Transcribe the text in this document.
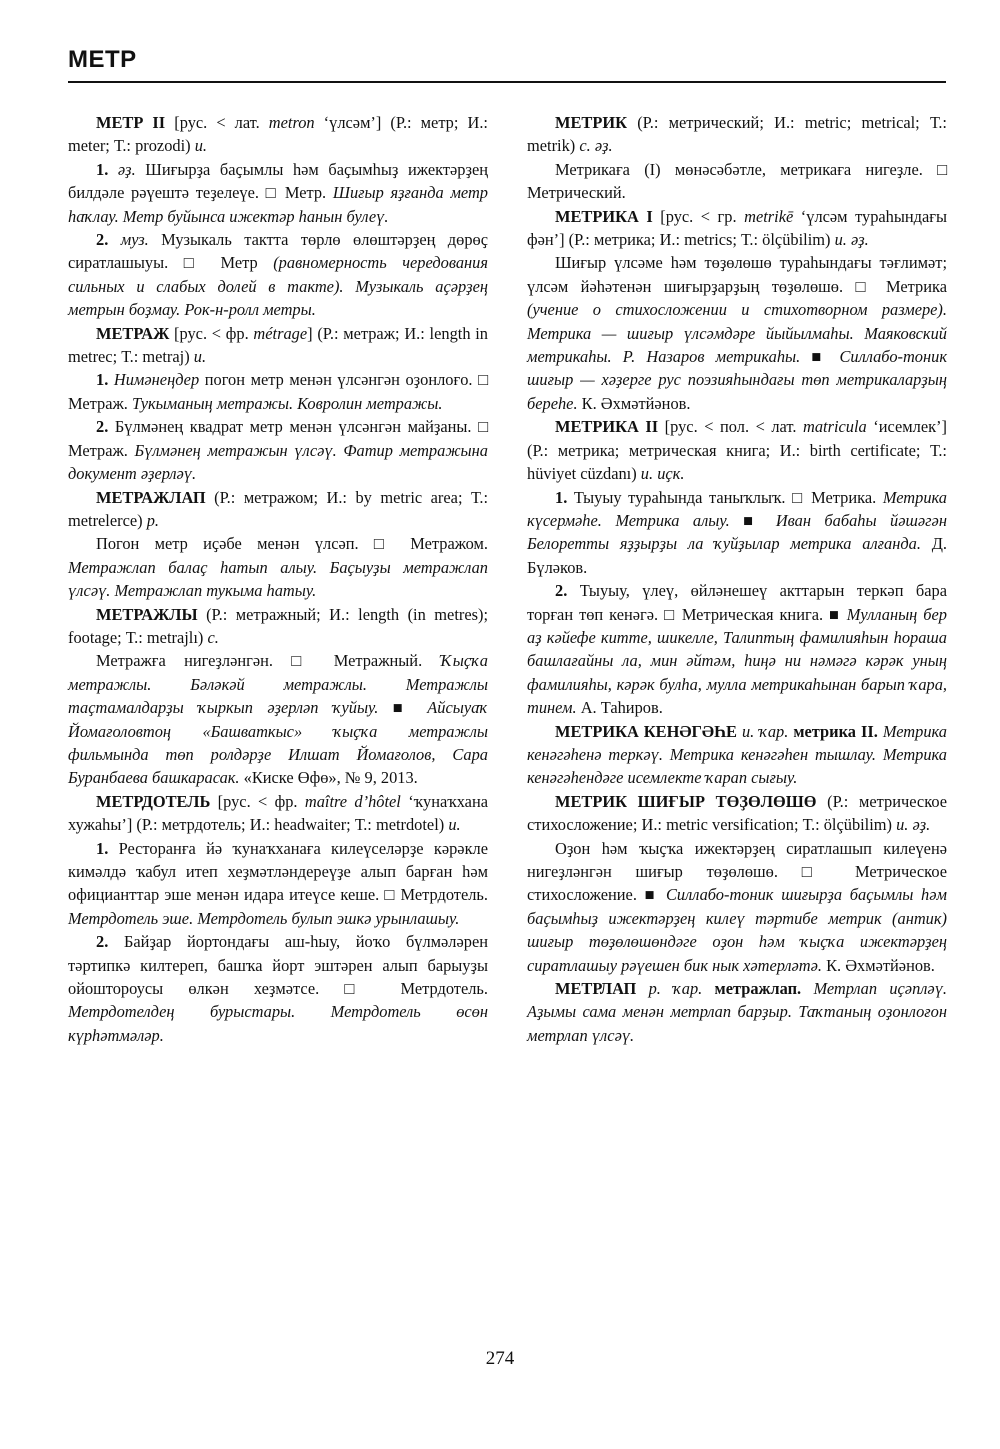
МЕТР

МЕТР II [рус. < лат. metron ‘үлсәм’] (Р.: метр; И.: meter; Т.: prozodi) и.

1. әҙ. Шиғырҙа баҫымлы һәм баҫымһыҙ ижектәрҙең билдәле рәүештә теҙелеүе. □ Метр. Шиғыр яҙғанда метр һаҡлау. Метр буйынса ижектәр һанын булеү.

2. муз. Музыкаль тактта төрлө өлөштәрҙең дөрөҫ сиратлашыуы. □ Метр (равномерность чередования сильных и слабых долей в такте). Музыкаль аҫәрҙең метрын боҙмау. Рок-н-ролл метры.

МЕТРАЖ [рус. < фр. métrage] (Р.: метраж; И.: length in metrec; Т.: metraj) и.

1. Нимәнеңдер погон метр менән үлсәнгән оҙонлоғо. □ Метраж. Тукыманың метражы. Ковролин метражы.

2. Бүлмәнең квадрат метр менән үлсәнгән майҙаны. □ Метраж. Бүлмәнең метражын үлсәү. Фатир метражына документ әҙерләү.

МЕТРАЖЛАП (Р.: метражом; И.: by metric area; Т.: metrelerce) р.

Погон метр иҫәбе менән үлсәп. □ Метражом. Метражлап балаҫ һатып алыу. Баҫыуҙы метражлап үлсәү. Метражлап тукыма һатыу.

МЕТРАЖЛЫ (Р.: метражный; И.: length (in metres); footage; Т.: metrajlı) с.

Метражға нигеҙләнгән. □ Метражный. Ҡыҫҡа метражлы. Бәләкәй метражлы. Метражлы таҫтамалдарҙы ҡыркып әҙерләп ҡуйыу. ■ Айсыуаҡ Йомағоловтоң «Башваткыс» ҡыҫҡа метражлы фильмында төп ролдәрҙе Илшат Йомағолов, Сара Буранбаева башкарасак. «Киске Өфө», № 9, 2013.

МЕТРДОТЕЛЬ [рус. < фр. maître d’hôtel ‘ҡунаҡхана хужаһы’] (Р.: метрдотель; И.: headwaiter; Т.: metrdotel) и.

1. Ресторанға йә ҡунаҡханаға килеүселәрҙе кәрәкле кимәлдә ҡабул итеп хеҙмәтләндереүҙе алып барған һәм официанттар эше менән идара итеүсе кеше. □ Метрдотель. Метрдотель эше. Метрдотель булып эшкә урынлашыу.

2. Байҙар йортондағы аш-һыу, йоҡо бүлмәләрен тәртипкә килтереп, башҡа йорт эштәрен алып барыуҙы ойоштороусы өлкән хеҙмәтсе. □ Метрдотель. Метрдотелдең бурыстары. Метрдотель өсөн күрһәтмәләр.

МЕТРИК (Р.: метрический; И.: metric; metrical; Т.: metrik) с. әҙ.

Метрикаға (I) мөнәсәбәтле, метрикаға нигеҙле. □ Метрический.

МЕТРИКА I [рус. < гр. metrikē ‘үлсәм тураһындағы фән’] (Р.: метрика; И.: metrics; Т.: ölçübilim) и. әҙ.

Шиғыр үлсәме һәм төҙөлөшө тураһындағы тәғлимәт; үлсәм йәһәтенән шиғырҙарҙың төҙөлөшө. □ Метрика (учение о стихосложении и стихотворном размере). Метрика — шиғыр үлсәмдәре йыйылмаһы. Маяковский метрикаһы. Р. Назаров метрикаһы. ■ Силлабо-тоник шиғыр — хәҙерге рус поэзияһындағы төп метрикаларҙың береһе. К. Әхмәтйәнов.

МЕТРИКА II [рус. < пол. < лат. matricula ‘исемлек’] (Р.: метрика; метрическая книга; И.: birth certificate; Т.: hüviyet cüzdanı) и. иҫк.

1. Тыуыу тураһында таныҡлыҡ. □ Метрика. Метрика күсермәһе. Метрика алыу. ■ Иван бабаһы йәшәгән Белоретты яҙҙырҙы ла ҡуйҙылар метрика алғанда. Д. Бүләков.

2. Тыуыу, үлеү, өйләнешеү акттарын теркәп бара торған төп кенәгә. □ Метрическая книга. ■ Мулланың бер аҙ кәйефе китте, шикелле, Талиптың фамилияһын һораша башлағайны ла, мин әйтәм, һиңә ни нәмәгә кәрәк уның фамилияһы, кәрәк булһа, мулла метрикаһынан барып ҡара, тинем. А. Таһиров.

МЕТРИКА КЕНӘГӘҺЕ и. ҡар. метрика II. Метрика кенәгәһенә теркәү. Метрика кенәгәһен тышлау. Метрика кенәгәһендәге исемлекте ҡарап сығыу.

МЕТРИК ШИҒЫР ТӨҘӨЛӨШӨ (Р.: метрическое стихосложение; И.: metric versification; Т.: ölçübilim) и. әҙ.

Оҙон һәм ҡыҫҡа ижектәрҙең сиратлашып килеүенә нигеҙләнгән шиғыр төҙөлөшө. □ Метрическое стихосложение. ■ Силлабо-тоник шиғырҙа баҫымлы һәм баҫымһыҙ ижектәрҙең килеү тәртибе метрик (антик) шиғыр төҙөлөшөндәге оҙон һәм ҡыҫҡа ижектәрҙең сиратлашыу рәүешен бик нык хәтерләтә. К. Әхмәтйәнов.

МЕТРЛАП р. ҡар. метражлап. Метрлап иҫәпләү. Аҙымы сама менән метрлап барҙыр. Таҡтаның оҙонлоғон метрлап үлсәү.

274
